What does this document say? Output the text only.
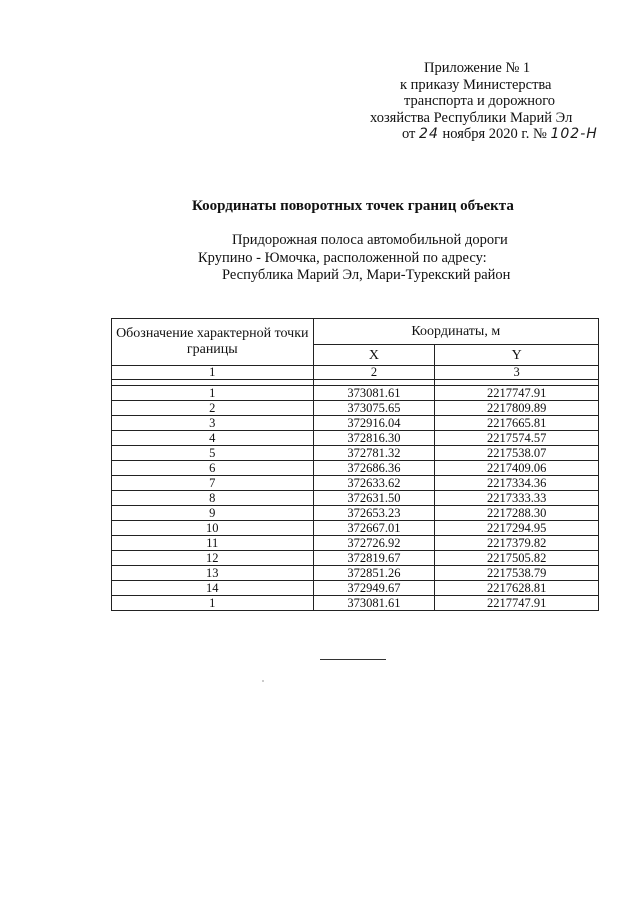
Приложение № 1
к приказу Министерства
транспорта и дорожного
хозяйства Республики Марий Эл
от 24 ноября 2020 г. № 102-Н
Координаты поворотных точек границ объекта
Придорожная полоса автомобильной дороги
Крупино - Юмочка, расположенной по адресу:
Республика Марий Эл, Мари-Турекский район
Обозначение характерной точки границы	Координаты, м	
	X	Y
1	2	3

1	373081.61	2217747.91
2	373075.65	2217809.89
3	372916.04	2217665.81
4	372816.30	2217574.57
5	372781.32	2217538.07
6	372686.36	2217409.06
7	372633.62	2217334.36
8	372631.50	2217333.33
9	372653.23	2217288.30
10	372667.01	2217294.95
11	372726.92	2217379.82
12	372819.67	2217505.82
13	372851.26	2217538.79
14	372949.67	2217628.81
1	373081.61	2217747.91
